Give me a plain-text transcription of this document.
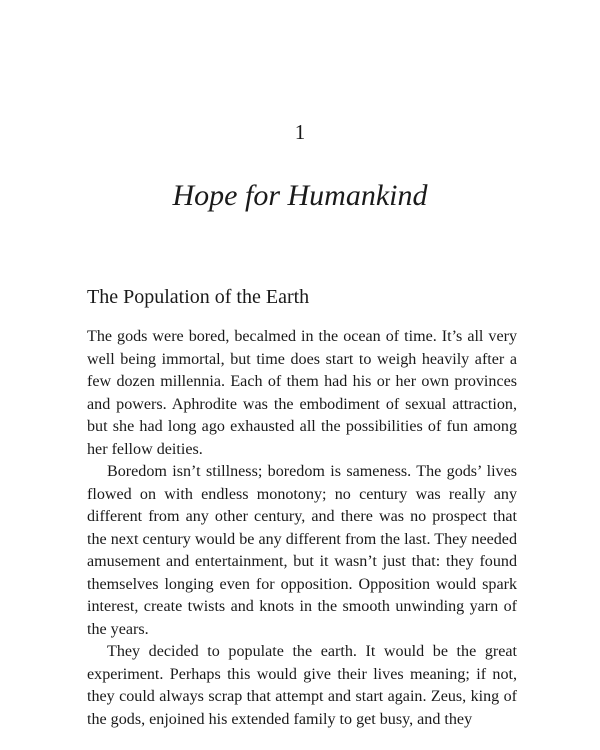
1
Hope for Humankind
The Population of the Earth

The gods were bored, becalmed in the ocean of time. It’s all very well being immortal, but time does start to weigh heavily after a few dozen millennia. Each of them had his or her own provinces and powers. Aphrodite was the embodiment of sexual attraction, but she had long ago exhausted all the possibilities of fun among her fellow deities.

Boredom isn’t stillness; boredom is sameness. The gods’ lives flowed on with endless monotony; no century was really any different from any other century, and there was no prospect that the next century would be any different from the last. They needed amusement and entertainment, but it wasn’t just that: they found themselves longing even for opposition. Opposition would spark interest, create twists and knots in the smooth unwinding yarn of the years.

They decided to populate the earth. It would be the great experiment. Perhaps this would give their lives meaning; if not, they could always scrap that attempt and start again. Zeus, king of the gods, enjoined his extended family to get busy, and they
